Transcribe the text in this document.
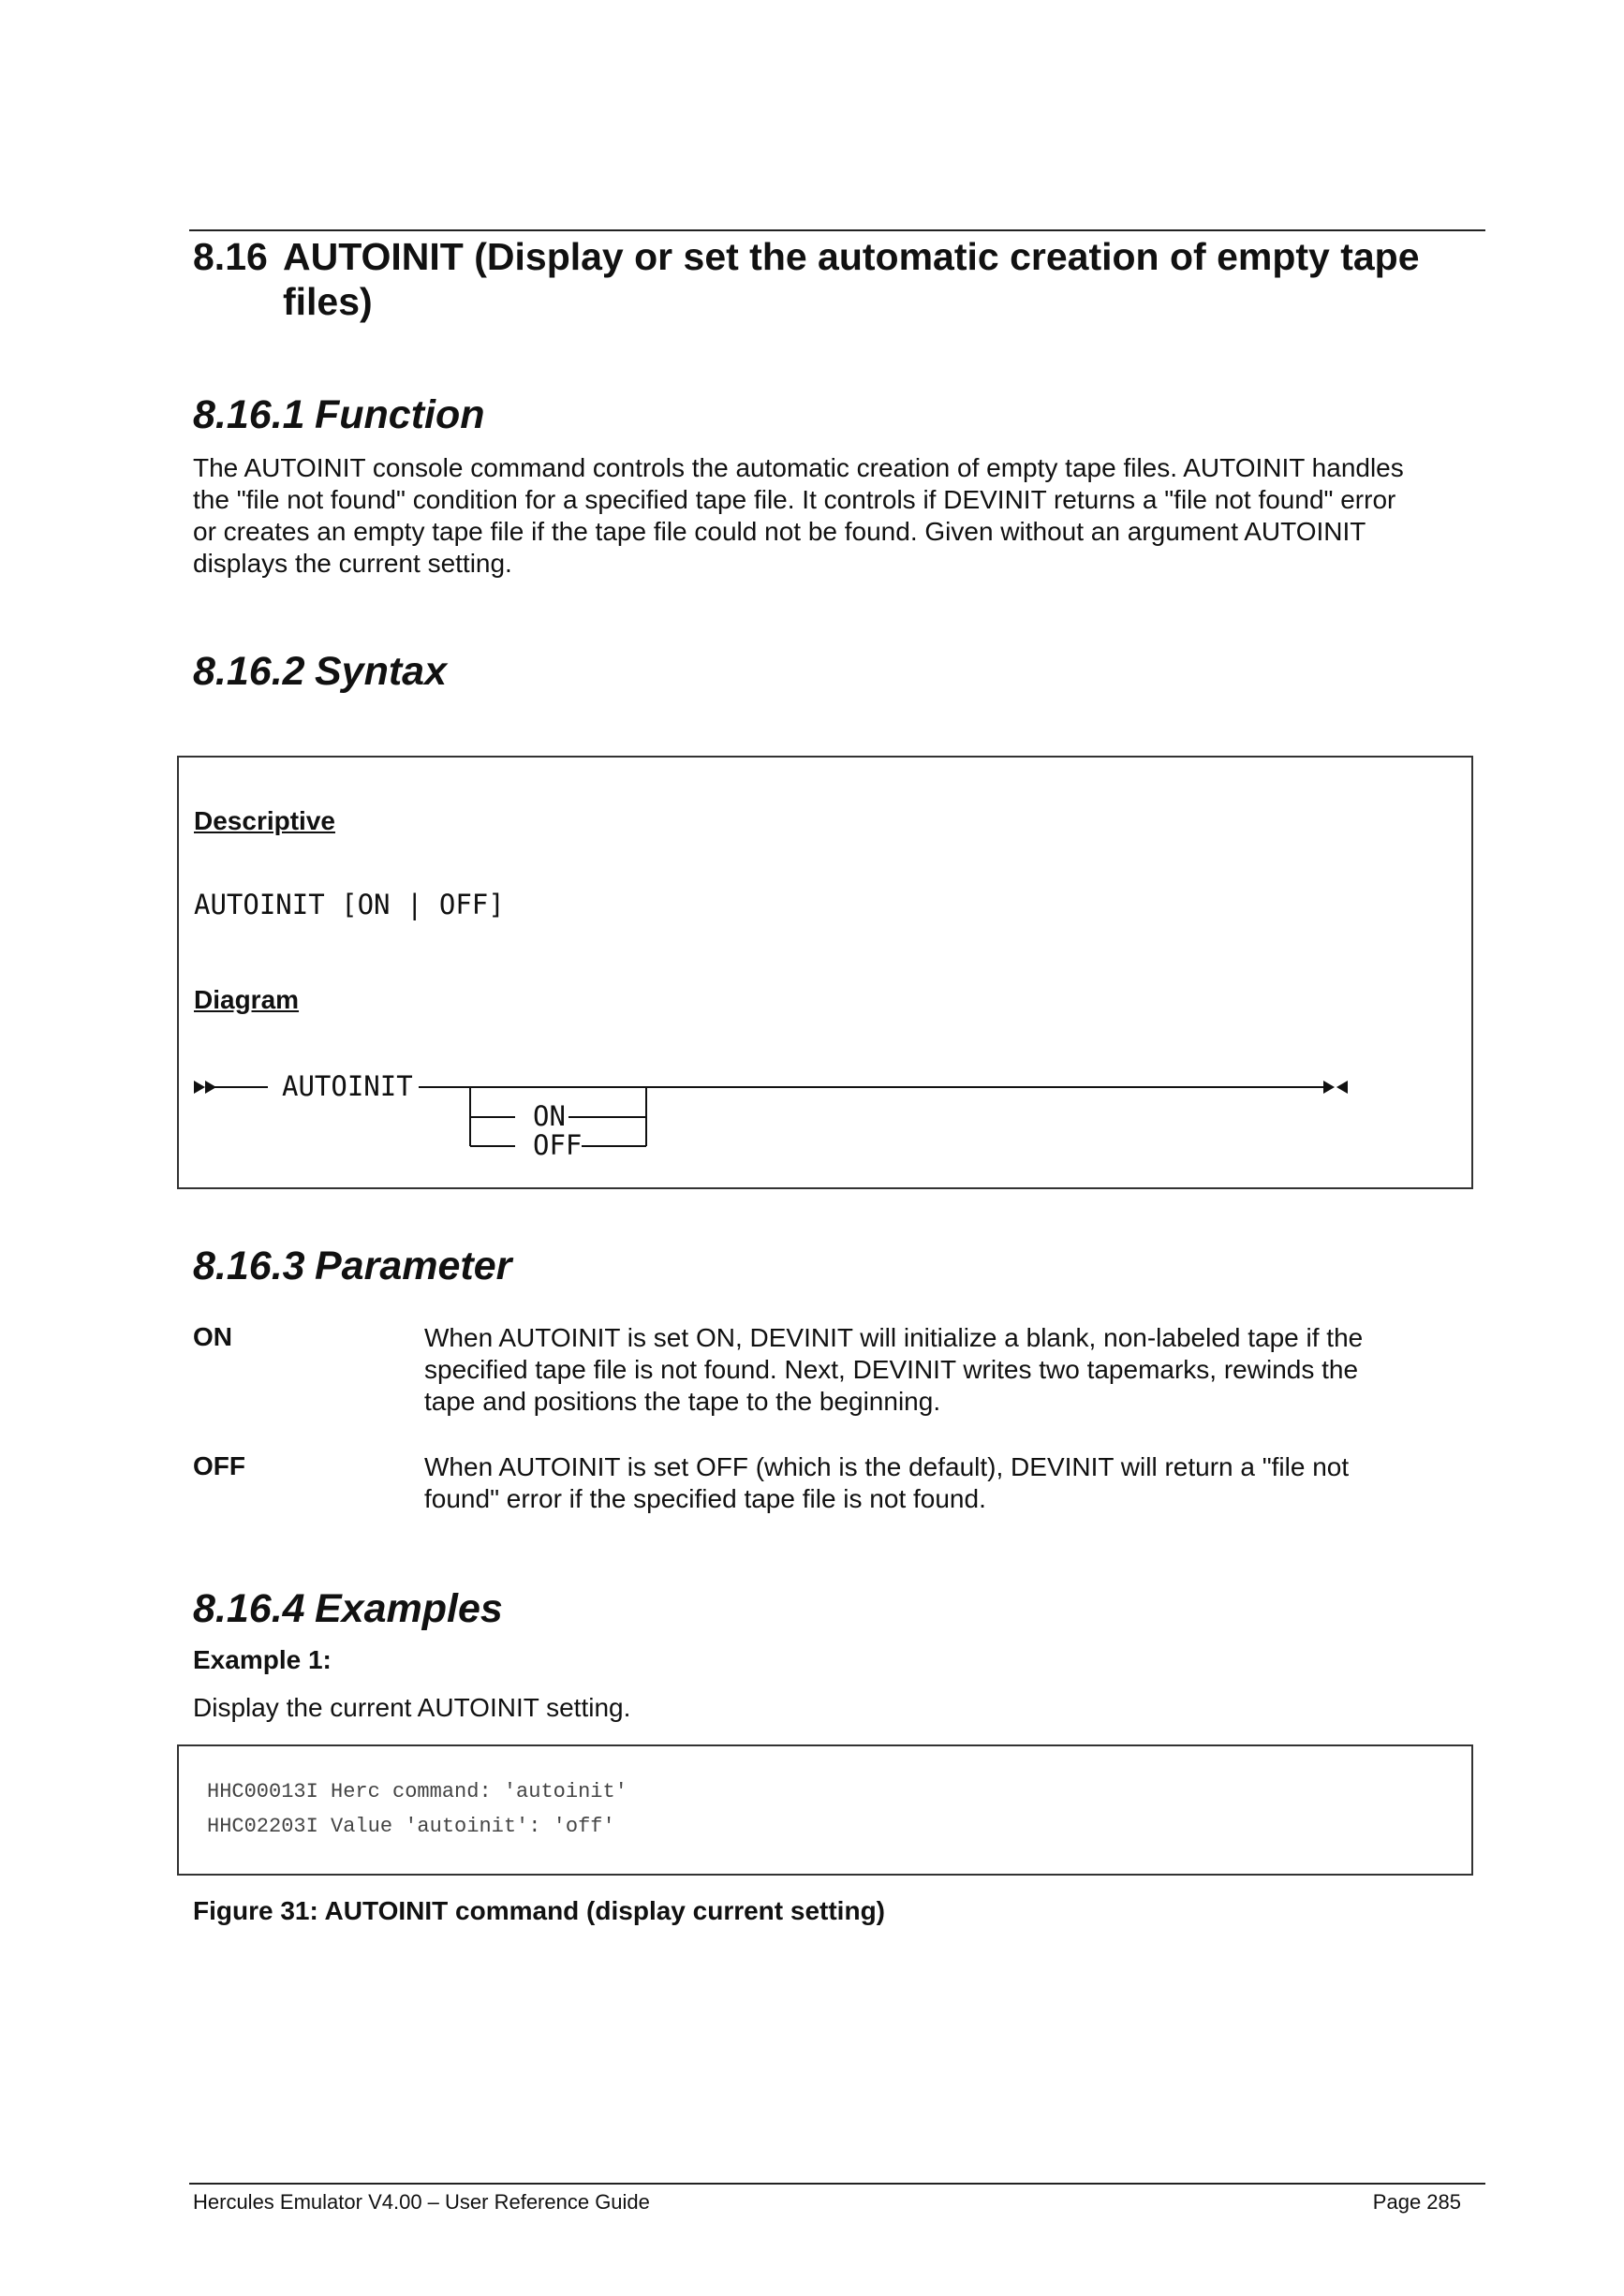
8.16 AUTOINIT (Display or set the automatic creation of empty tape
files)
8.16.1 Function
The AUTOINIT console command controls the automatic creation of empty tape files. AUTOINIT handles
the "file not found" condition for a specified tape file. It controls if DEVINIT returns a "file not found" error
or creates an empty tape file if the tape file could not be found. Given without an argument AUTOINIT
displays the current setting.
8.16.2 Syntax
Descriptive
AUTOINIT [ON | OFF]
Diagram
AUTOINIT
ON
OFF
8.16.3 Parameter
ON	When AUTOINIT is set ON, DEVINIT will initialize a blank, non-labeled tape if the
specified tape file is not found. Next, DEVINIT writes two tapemarks, rewinds the
tape and positions the tape to the beginning.
OFF	When AUTOINIT is set OFF (which is the default), DEVINIT will return a "file not
found" error if the specified tape file is not found.
8.16.4 Examples
Example 1:
Display the current AUTOINIT setting.
HHC00013I Herc command: 'autoinit'
HHC02203I Value 'autoinit': 'off'
Figure 31: AUTOINIT command (display current setting)
Hercules Emulator V4.00 – User Reference Guide	Page 285
